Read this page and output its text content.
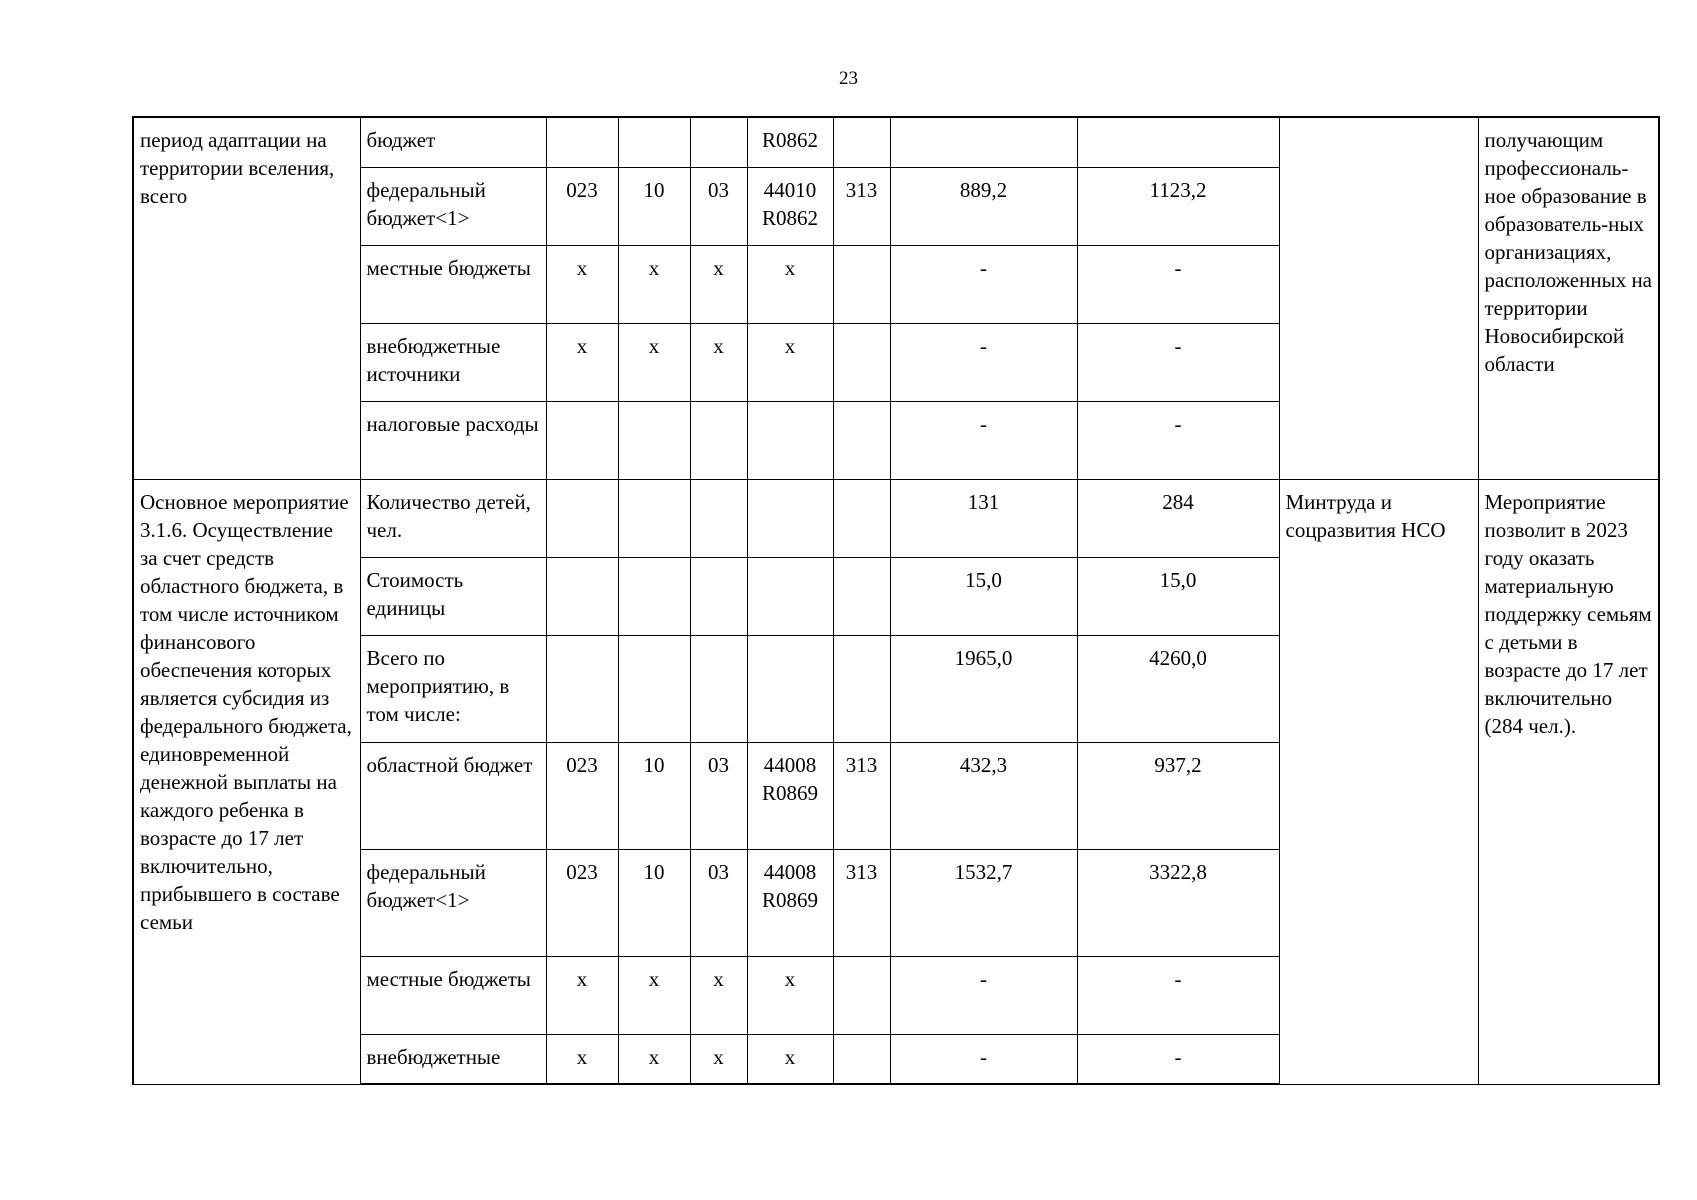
23
период адаптации на территории вселения, всего	бюджет				R0862					получающим профессиональ-ное образование в образователь-ных организациях, расположенных на территории Новосибирской области
	федеральный бюджет<1>	023	10	03	44010 R0862	313	889,2	1123,2		
	местные бюджеты	х	х	х	х		-	-		
	внебюджетные источники	х	х	х	х		-	-		
	налоговые расходы						-	-		
Основное мероприятие 3.1.6. Осуществление за счет средств областного бюджета, в том числе источником финансового обеспечения которых является субсидия из федерального бюджета, единовременной денежной выплаты на каждого ребенка в возрасте до 17 лет включительно, прибывшего в составе семьи	Количество детей, чел.						131	284	Минтруда и соцразвития НСО	Мероприятие позволит в 2023 году оказать материальную поддержку семьям с детьми в возрасте до 17 лет включительно (284 чел.).
	Стоимость единицы						15,0	15,0		
	Всего по мероприятию, в том числе:						1965,0	4260,0		
	областной бюджет	023	10	03	44008 R0869	313	432,3	937,2		
	федеральный бюджет<1>	023	10	03	44008 R0869	313	1532,7	3322,8		
	местные бюджеты	х	х	х	х		-	-		
	внебюджетные	х	х	х	х		-	-		
